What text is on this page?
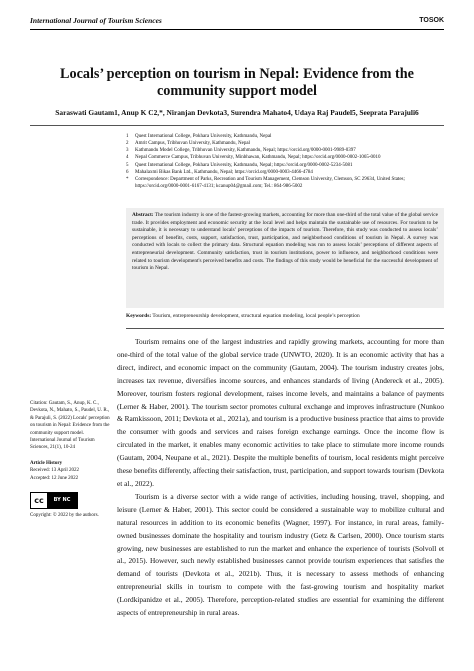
International Journal of Tourism Sciences	TOSOK
Locals’ perception on tourism in Nepal: Evidence from the community support model
Saraswati Gautam1, Anup K C2,*, Niranjan Devkota3, Surendra Mahato4, Udaya Raj Paudel5, Seeprata Parajuli6
1	Quest International College, Pokhara University, Kathmandu, Nepal
2	Amrit Campus, Tribhuvan University, Kathmandu, Nepal
3	Kathmandu Model College, Tribhuvan University, Kathmandu, Nepal; https://orcid.org/0000-0001-9989-0397
4	Nepal Commerce Campus, Tribhuvan University, Minbhawan, Kathmandu, Nepal; https://orcid.org/0000-0002-1065-0010
5	Quest International College, Pokhara University, Kathmandu, Nepal; https://orcid.org/0000-0002-5234-5081
6	Mahalaxmi Bikas Bank Ltd., Kathmandu, Nepal; https://orcid.org/0000-0003-4466-4784
*	Correspondence: Department of Parks, Recreation and Tourism Management, Clemson University, Clemson, SC 29634, United States; https://orcid.org/0000-0001-6167-4131; kcanup04@gmail.com; Tel.: 864-986-5002
Abstract: The tourism industry is one of the fastest-growing markets, accounting for more than one-third of the total value of the global service trade. It provides employment and economic security at the local level and helps maintain the sustainable use of resources. For tourism to be sustainable, it is necessary to understand locals’ perceptions of the impacts of tourism. Therefore, this study was conducted to assess locals’ perceptions of benefits, costs, support, satisfaction, trust, participation, and neighborhood conditions of tourism in Nepal. A survey was conducted with locals to collect the primary data. Structural equation modeling was run to assess locals’ perceptions of different aspects of entrepreneurial development. Community satisfaction, trust in tourism institutions, power to influence, and neighborhood conditions were related to tourism development's perceived benefits and costs. The findings of this study would be beneficial for the successful development of tourism in Nepal.
Keywords: Tourism, entrepreneurship development, structural equation modeling, local people’s perception
Citation: Gautam, S., Anup, K. C., Devkota, N., Mahato, S., Paudel, U. R., & Parajuli, S. (2022) Locals' perception on tourism in Nepal: Evidence from the community support model. International Journal of Tourism Sciences, 21(1), 10-24
Article History
Received: 13 April 2022
Accepted: 12 June 2022
cc	BY NC
Copyright: © 2022 by the authors.

Tourism remains one of the largest industries and rapidly growing markets, accounting for more than one-third of the total value of the global service trade (UNWTO, 2020). It is an economic activity that has a direct, indirect, and economic impact on the community (Gautam, 2004). The tourism industry creates jobs, increases tax revenue, diversifies income sources, and enhances standards of living (Andereck et al., 2005). Moreover, tourism fosters regional development, raises income levels, and maintains a balance of payments (Lerner & Haber, 2001). The tourism sector promotes cultural exchange and improves infrastructure (Nunkoo & Ramkissoon, 2011; Devkota et al., 2021a), and tourism is a productive business practice that aims to provide the consumer with goods and services and raises foreign exchange earnings. Once the income flow is circulated in the market, it enables many economic activities to take place to stimulate more income rounds (Gautam, 2004, Neupane et al., 2021). Despite the multiple benefits of tourism, local residents might perceive these benefits differently, affecting their satisfaction, trust, participation, and support towards tourism (Devkota et al., 2022).

Tourism is a diverse sector with a wide range of activities, including housing, travel, shopping, and leisure (Lerner & Haber, 2001). This sector could be considered a sustainable way to mobilize cultural and natural resources in addition to its economic benefits (Wagner, 1997). For instance, in rural areas, family-owned businesses dominate the hospitality and tourism industry (Getz & Carlsen, 2000). Once tourism starts growing, new businesses are established to run the market and enhance the experience of tourists (Solvoll et al., 2015). However, such newly established businesses cannot provide tourism experiences that satisfies the demand of tourists (Devkota et al., 2021b). Thus, it is necessary to assess methods of enhancing entrepreneurial skills in tourism to compete with the fast-growing tourism and hospitality market (Lordkipanidze et al., 2005). Therefore, perception-related studies are essential for examining the different aspects of entrepreneurship in rural areas.
